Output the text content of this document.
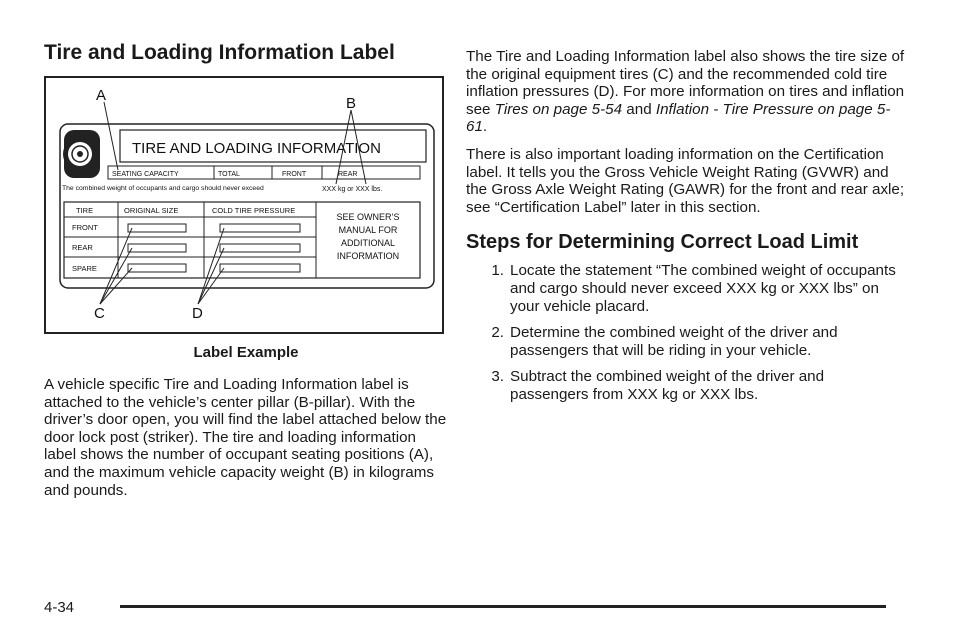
Tire and Loading Information Label
TIRE AND LOADING INFORMATION
SEATING CAPACITY	TOTAL	FRONT	REAR
The combined weight of occupants and cargo should never exceed	XXX kg or XXX lbs.
TIRE	ORIGINAL SIZE	COLD TIRE PRESSURE
FRONT
REAR
SPARE
SEE OWNER’S
MANUAL FOR
ADDITIONAL
INFORMATION
A	B
C	D
Label Example

A vehicle specific Tire and Loading Information label is attached to the vehicle’s center pillar (B-pillar). With the driver’s door open, you will find the label attached below the door lock post (striker). The tire and loading information label shows the number of occupant seating positions (A), and the maximum vehicle capacity weight (B) in kilograms and pounds.

The Tire and Loading Information label also shows the tire size of the original equipment tires (C) and the recommended cold tire inflation pressures (D). For more information on tires and inflation see Tires on page 5-54 and Inflation - Tire Pressure on page 5-61.

There is also important loading information on the Certification label. It tells you the Gross Vehicle Weight Rating (GVWR) and the Gross Axle Weight Rating (GAWR) for the front and rear axle; see “Certification Label” later in this section.

Steps for Determining Correct Load Limit
1. Locate the statement “The combined weight of occupants and cargo should never exceed XXX kg or XXX lbs” on your vehicle placard.
2. Determine the combined weight of the driver and passengers that will be riding in your vehicle.
3. Subtract the combined weight of the driver and passengers from XXX kg or XXX lbs.
4-34
